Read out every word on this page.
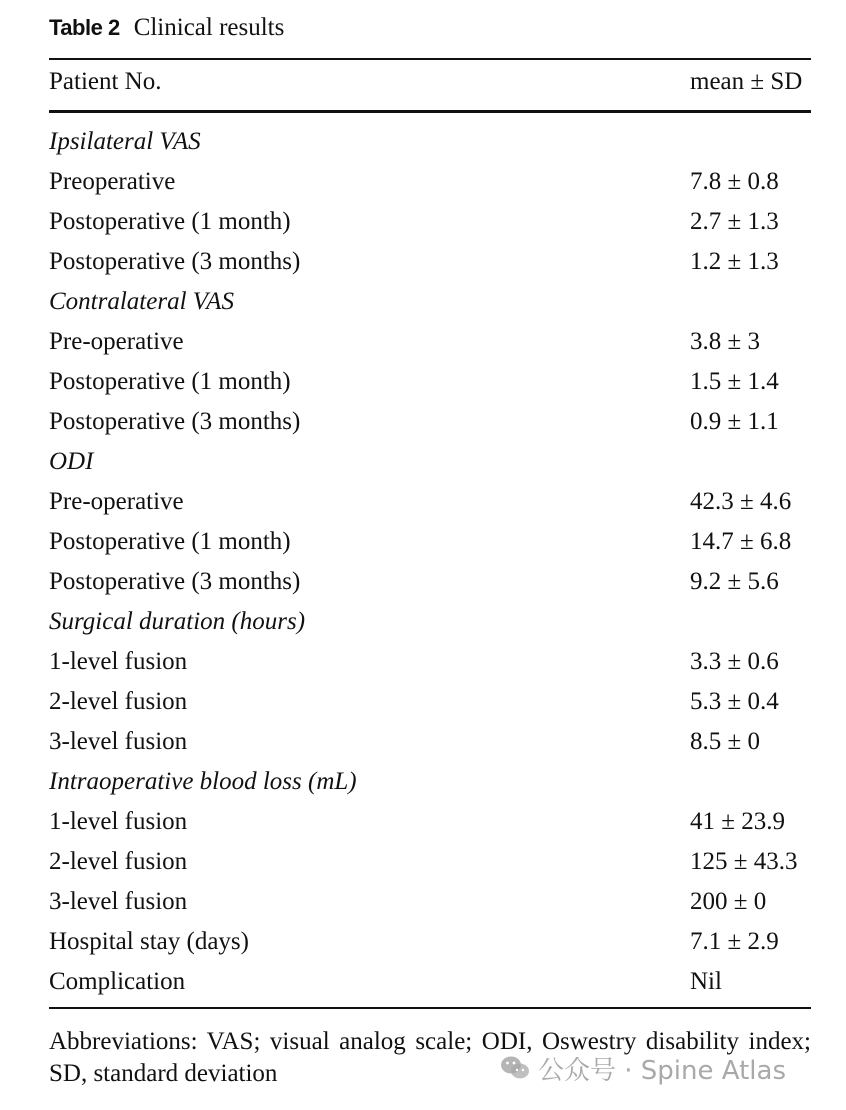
Table 2 Clinical results
Patient No.	mean ± SD
Ipsilateral VAS
Preoperative	7.8 ± 0.8
Postoperative (1 month)	2.7 ± 1.3
Postoperative (3 months)	1.2 ± 1.3
Contralateral VAS
Pre-operative	3.8 ± 3
Postoperative (1 month)	1.5 ± 1.4
Postoperative (3 months)	0.9 ± 1.1
ODI
Pre-operative	42.3 ± 4.6
Postoperative (1 month)	14.7 ± 6.8
Postoperative (3 months)	9.2 ± 5.6
Surgical duration (hours)
1-level fusion	3.3 ± 0.6
2-level fusion	5.3 ± 0.4
3-level fusion	8.5 ± 0
Intraoperative blood loss (mL)
1-level fusion	41 ± 23.9
2-level fusion	125 ± 43.3
3-level fusion	200 ± 0
Hospital stay (days)	7.1 ± 2.9
Complication	Nil
Abbreviations: VAS; visual analog scale; ODI, Oswestry disability index; SD, standard deviation	公众号 · Spine Atlas
